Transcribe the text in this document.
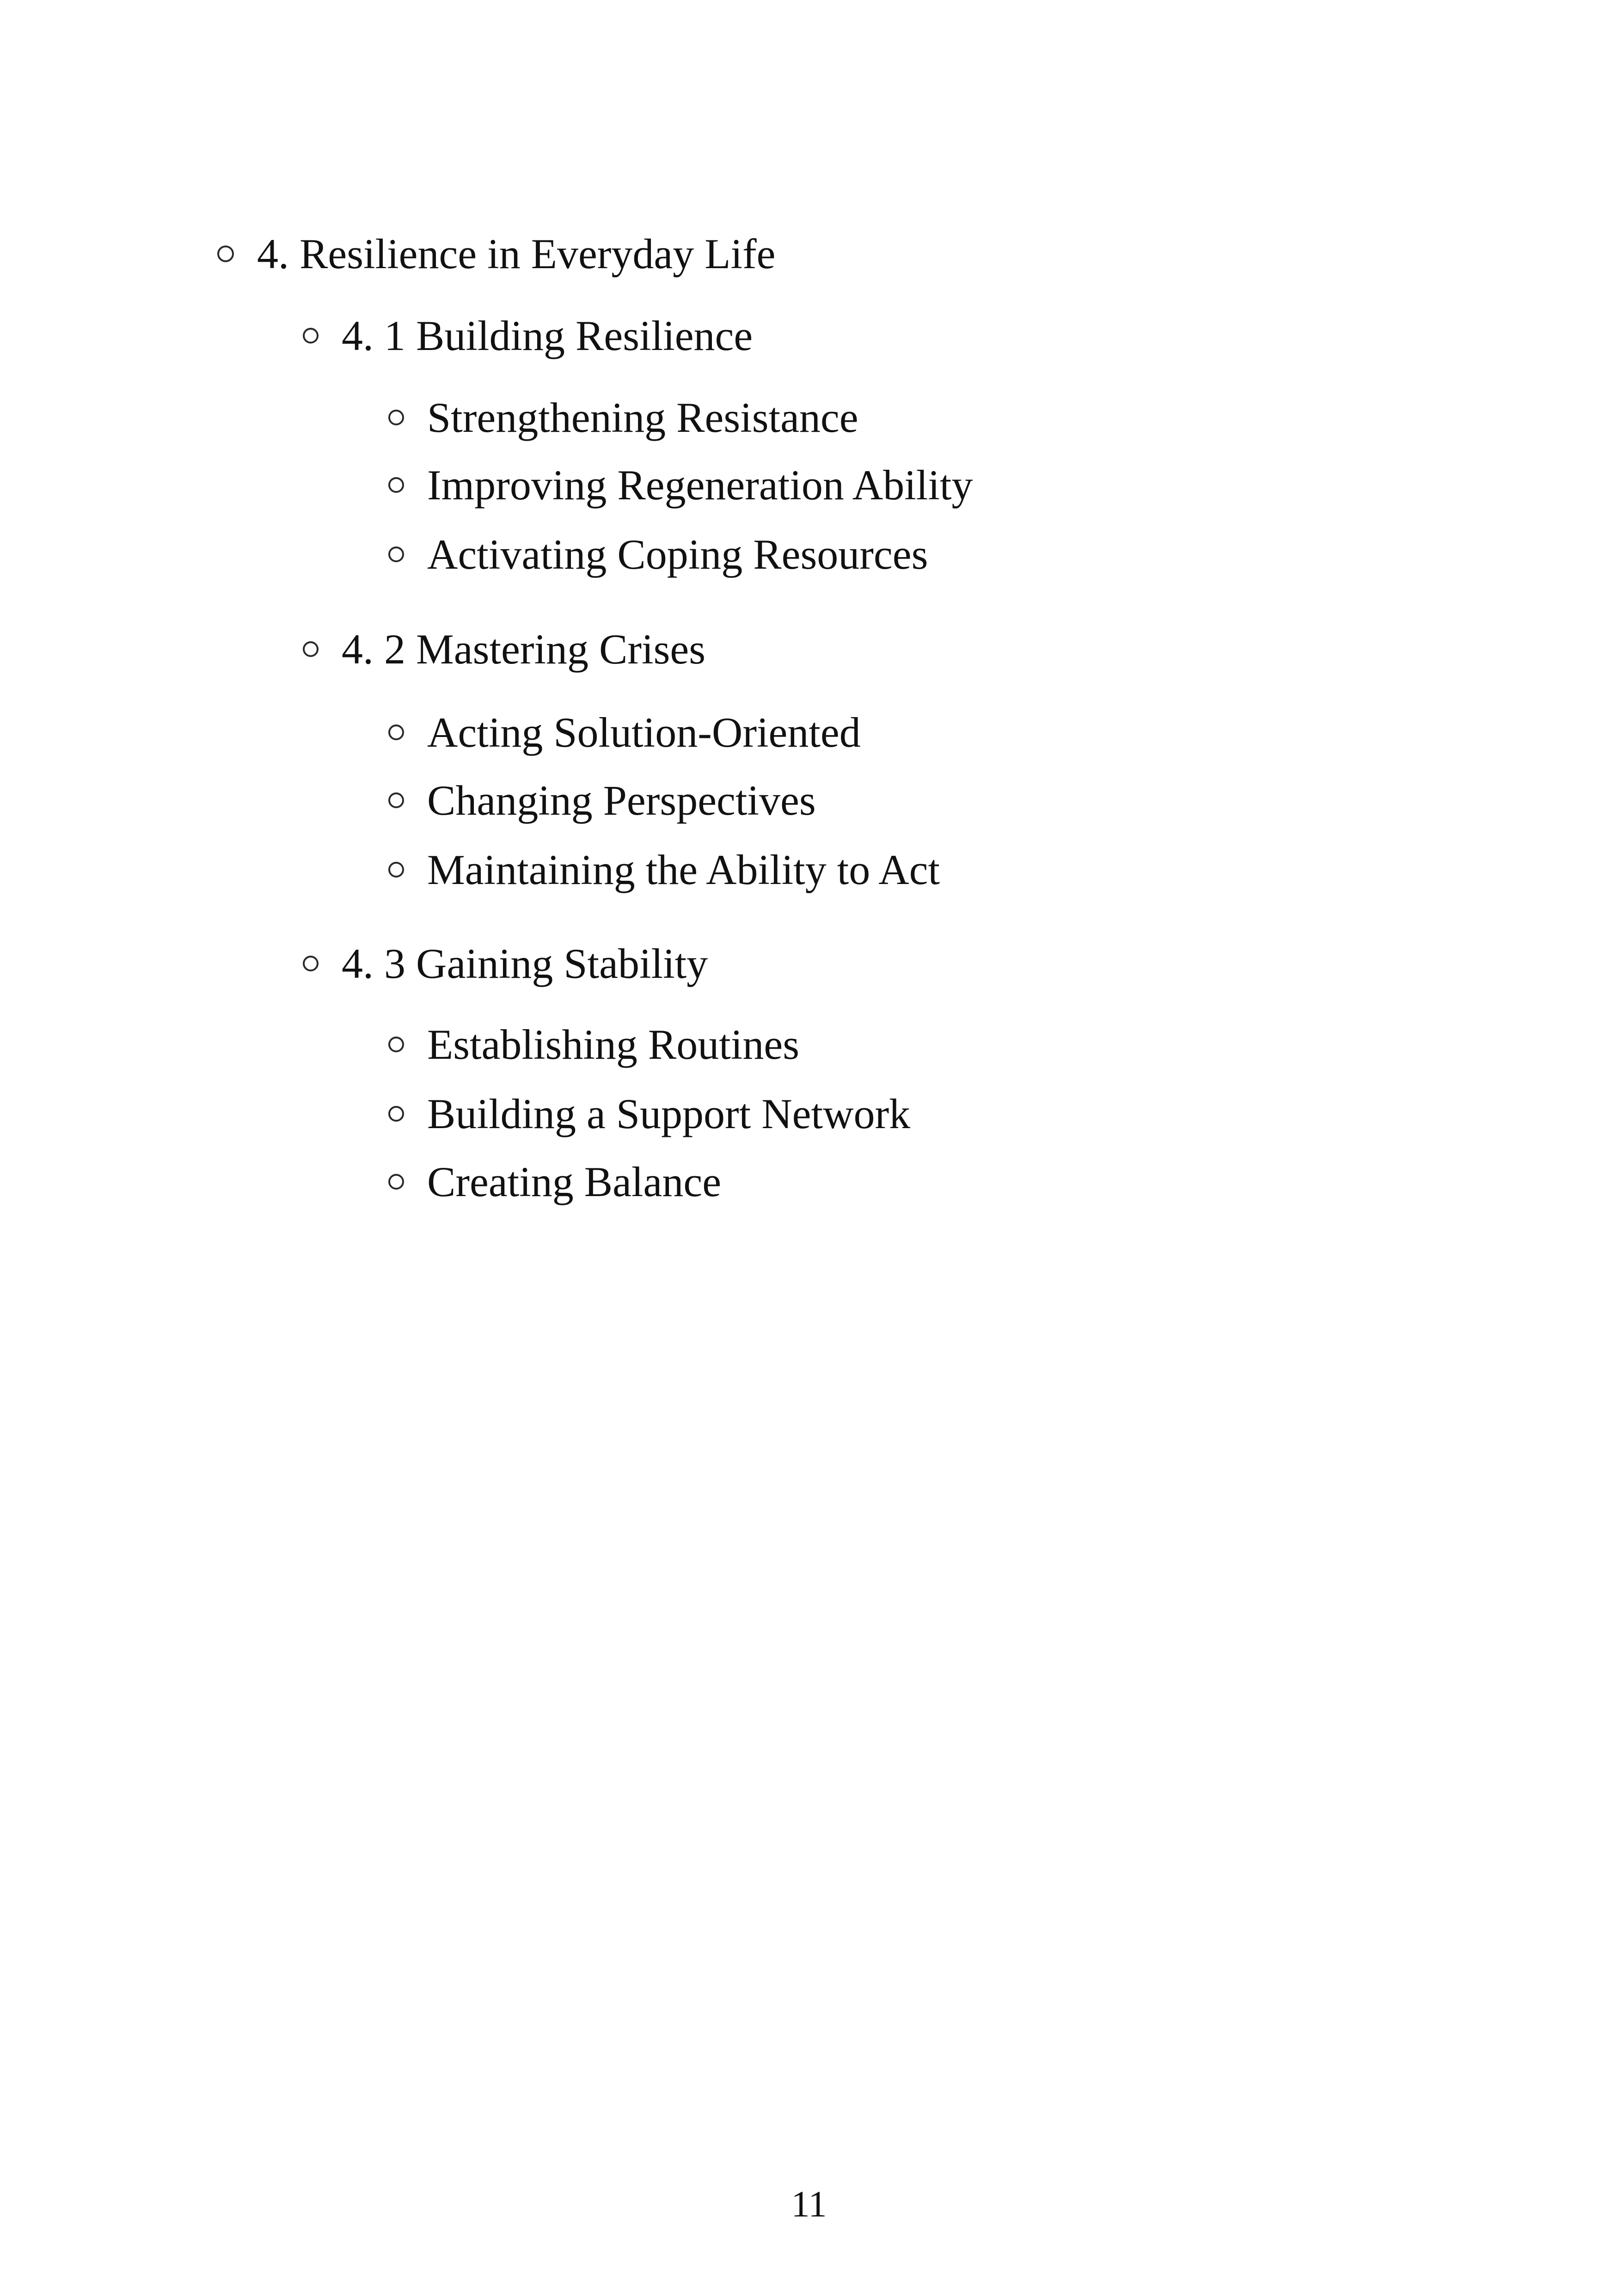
4. Resilience in Everyday Life
4. 1 Building Resilience
Strengthening Resistance
Improving Regeneration Ability
Activating Coping Resources
4. 2 Mastering Crises
Acting Solution-Oriented
Changing Perspectives
Maintaining the Ability to Act
4. 3 Gaining Stability
Establishing Routines
Building a Support Network
Creating Balance
11
